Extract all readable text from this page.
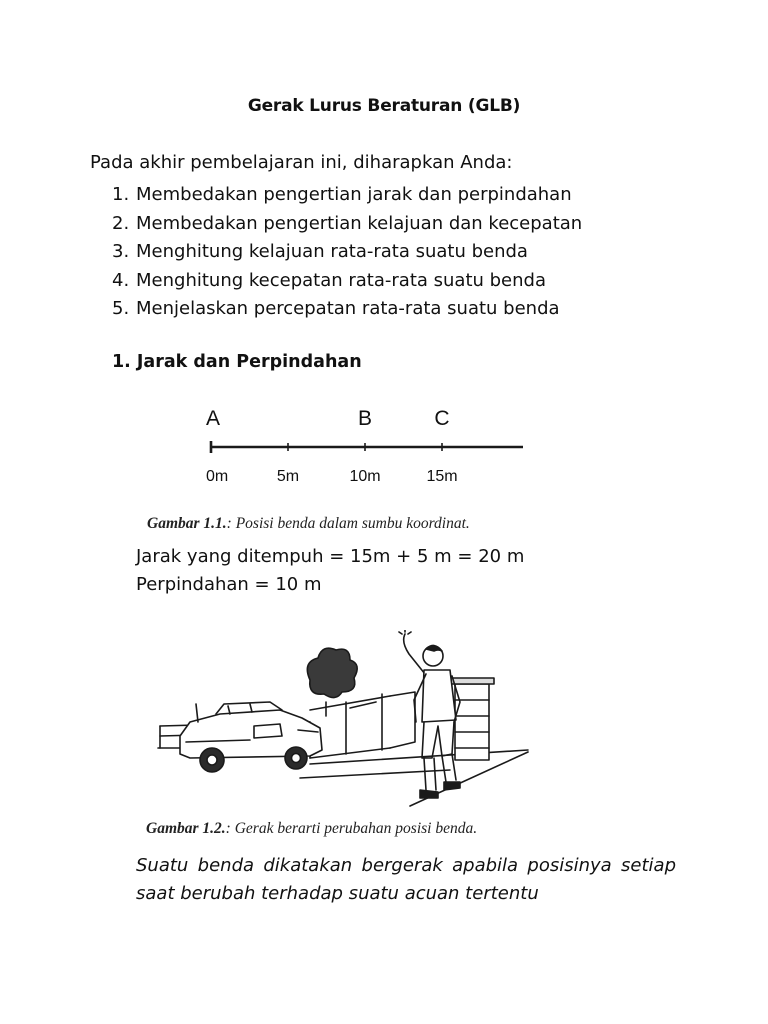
Gerak Lurus Beraturan (GLB)
Pada akhir pembelajaran ini, diharapkan Anda:
1. Membedakan pengertian jarak dan perpindahan
2. Membedakan pengertian kelajuan dan kecepatan
3. Menghitung kelajuan rata-rata suatu benda
4. Menghitung kecepatan rata-rata suatu benda
5. Menjelaskan percepatan rata-rata suatu benda
1. Jarak dan Perpindahan
0m	5m	10m	15m
A	B	C
Gambar 1.1.: Posisi benda dalam sumbu koordinat.
Jarak yang ditempuh = 15m + 5 m = 20 m
Perpindahan = 10 m
Gambar 1.2.: Gerak berarti perubahan posisi benda.
Suatu benda dikatakan bergerak apabila posisinya setiap saat berubah terhadap suatu acuan tertentu
